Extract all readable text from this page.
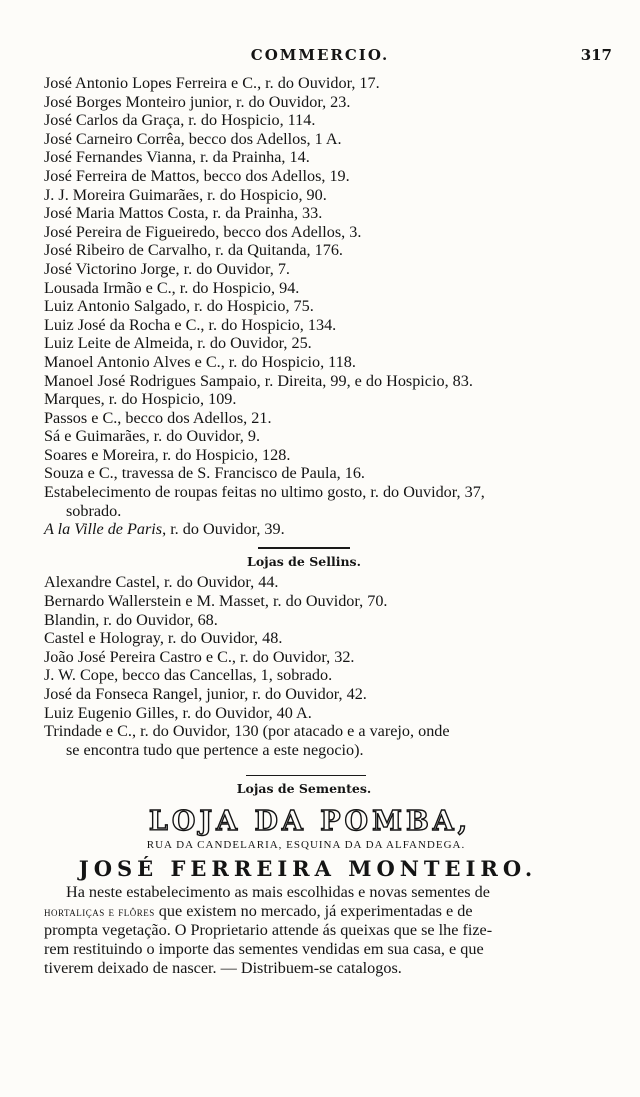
COMMERCIO.	317
José Antonio Lopes Ferreira e C., r. do Ouvidor, 17.
José Borges Monteiro junior, r. do Ouvidor, 23.
José Carlos da Graça, r. do Hospicio, 114.
José Carneiro Corrêa, becco dos Adellos, 1 A.
José Fernandes Vianna, r. da Prainha, 14.
José Ferreira de Mattos, becco dos Adellos, 19.
J. J. Moreira Guimarães, r. do Hospicio, 90.
José Maria Mattos Costa, r. da Prainha, 33.
José Pereira de Figueiredo, becco dos Adellos, 3.
José Ribeiro de Carvalho, r. da Quitanda, 176.
José Victorino Jorge, r. do Ouvidor, 7.
Lousada Irmão e C., r. do Hospicio, 94.
Luiz Antonio Salgado, r. do Hospicio, 75.
Luiz José da Rocha e C., r. do Hospicio, 134.
Luiz Leite de Almeida, r. do Ouvidor, 25.
Manoel Antonio Alves e C., r. do Hospicio, 118.
Manoel José Rodrigues Sampaio, r. Direita, 99, e do Hospicio, 83.
Marques, r. do Hospicio, 109.
Passos e C., becco dos Adellos, 21.
Sá e Guimarães, r. do Ouvidor, 9.
Soares e Moreira, r. do Hospicio, 128.
Souza e C., travessa de S. Francisco de Paula, 16.
Estabelecimento de roupas feitas no ultimo gosto, r. do Ouvidor, 37,
sobrado.
A la Ville de Paris, r. do Ouvidor, 39.
Lojas de Sellins.
Alexandre Castel, r. do Ouvidor, 44.
Bernardo Wallerstein e M. Masset, r. do Ouvidor, 70.
Blandin, r. do Ouvidor, 68.
Castel e Hologray, r. do Ouvidor, 48.
João José Pereira Castro e C., r. do Ouvidor, 32.
J. W. Cope, becco das Cancellas, 1, sobrado.
José da Fonseca Rangel, junior, r. do Ouvidor, 42.
Luiz Eugenio Gilles, r. do Ouvidor, 40 A.
Trindade e C., r. do Ouvidor, 130 (por atacado e a varejo, onde
se encontra tudo que pertence a este negocio).
Lojas de Sementes.
LOJA DA POMBA,
RUA DA CANDELARIA, ESQUINA DA DA ALFANDEGA.
JOSÉ FERREIRA MONTEIRO.
Ha neste estabelecimento as mais escolhidas e novas sementes de
hortaliças e flôres que existem no mercado, já experimentadas e de
prompta vegetação. O Proprietario attende ás queixas que se lhe fize-
rem restituindo o importe das sementes vendidas em sua casa, e que
tiverem deixado de nascer. — Distribuem-se catalogos.
